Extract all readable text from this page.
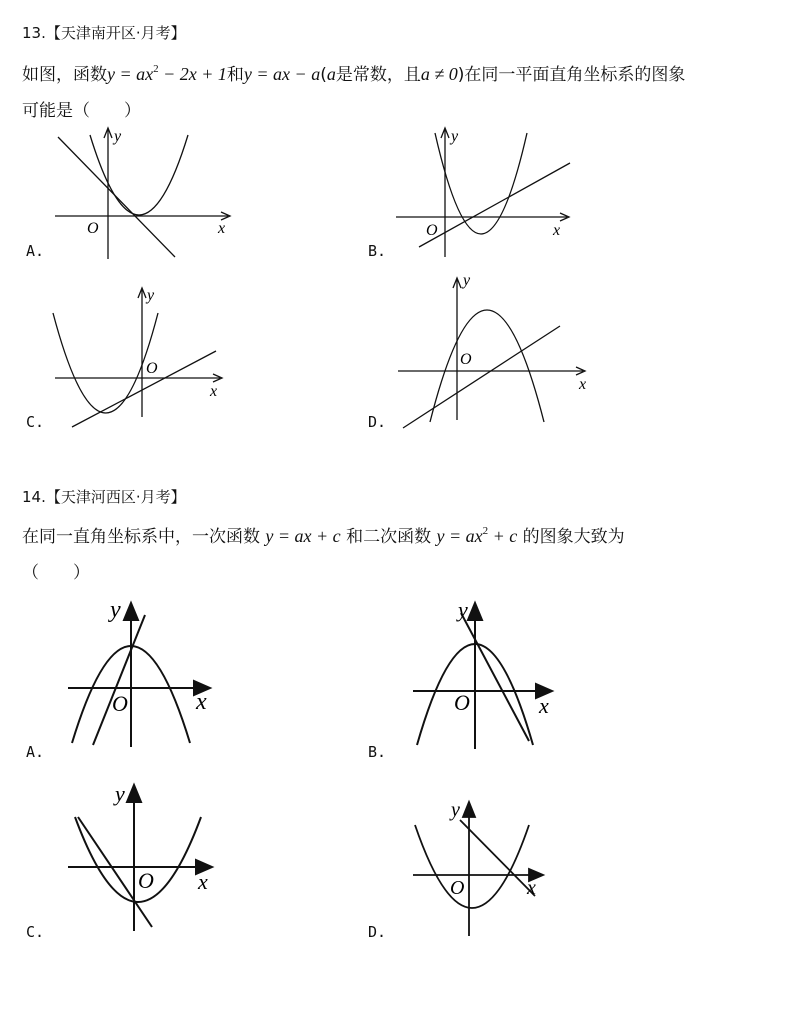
13.【天津南开区·月考】
如图，函数$y = ax^2 - 2x + 1$和y = ax − a(a是常数，且a ≠ 0)在同一平面直角坐标系的图象
可能是（　　）
y
x
O
A.
y
x
O
B.
y
x
O
C.
y
x
O
D.
14.【天津河西区·月考】
在同一直角坐标系中，一次函数 y = ax + c 和二次函数 $y = ax^2 + c$ 的图象大致为
（　　）
y
x
O
A.
y
x
O
B.
y
x
O
C.
y
x
O
D.
